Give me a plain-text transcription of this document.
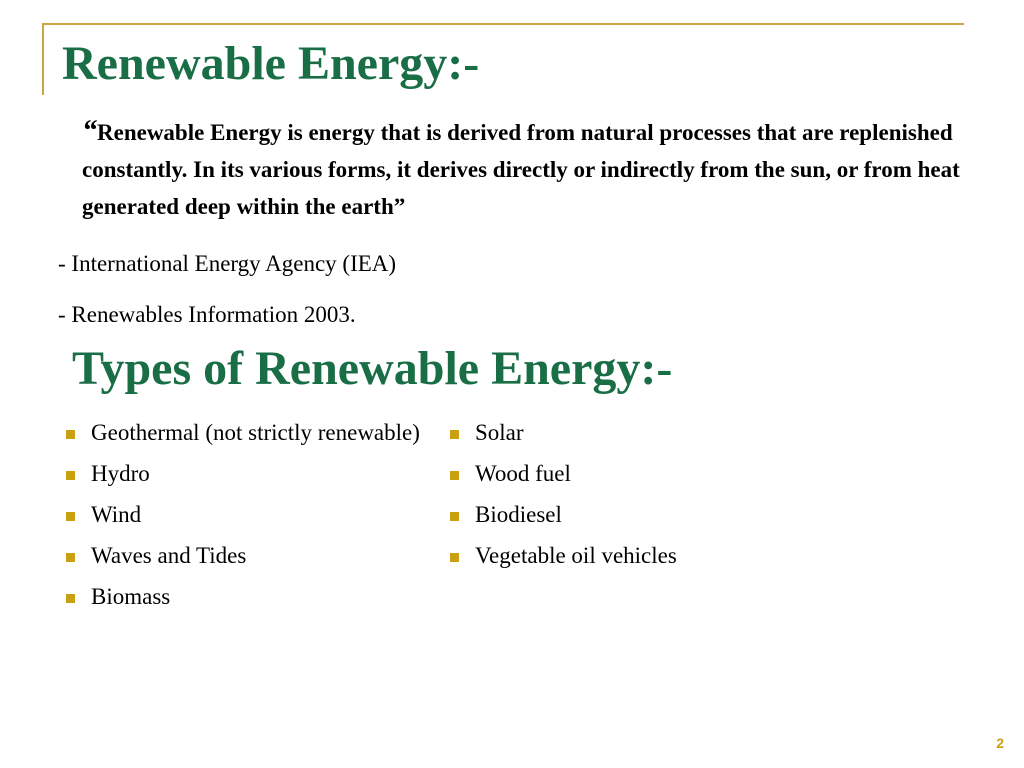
Renewable Energy:-

“Renewable Energy is energy that is derived from natural processes that are replenished constantly. In its various forms, it derives directly or indirectly from the sun, or from heat generated deep within the earth”

- International Energy Agency (IEA)

- Renewables Information 2003.

Types of Renewable Energy:-
Geothermal (not strictly renewable)
Hydro
Wind
Waves and Tides
Biomass
Solar
Wood fuel
Biodiesel
Vegetable oil vehicles
2
